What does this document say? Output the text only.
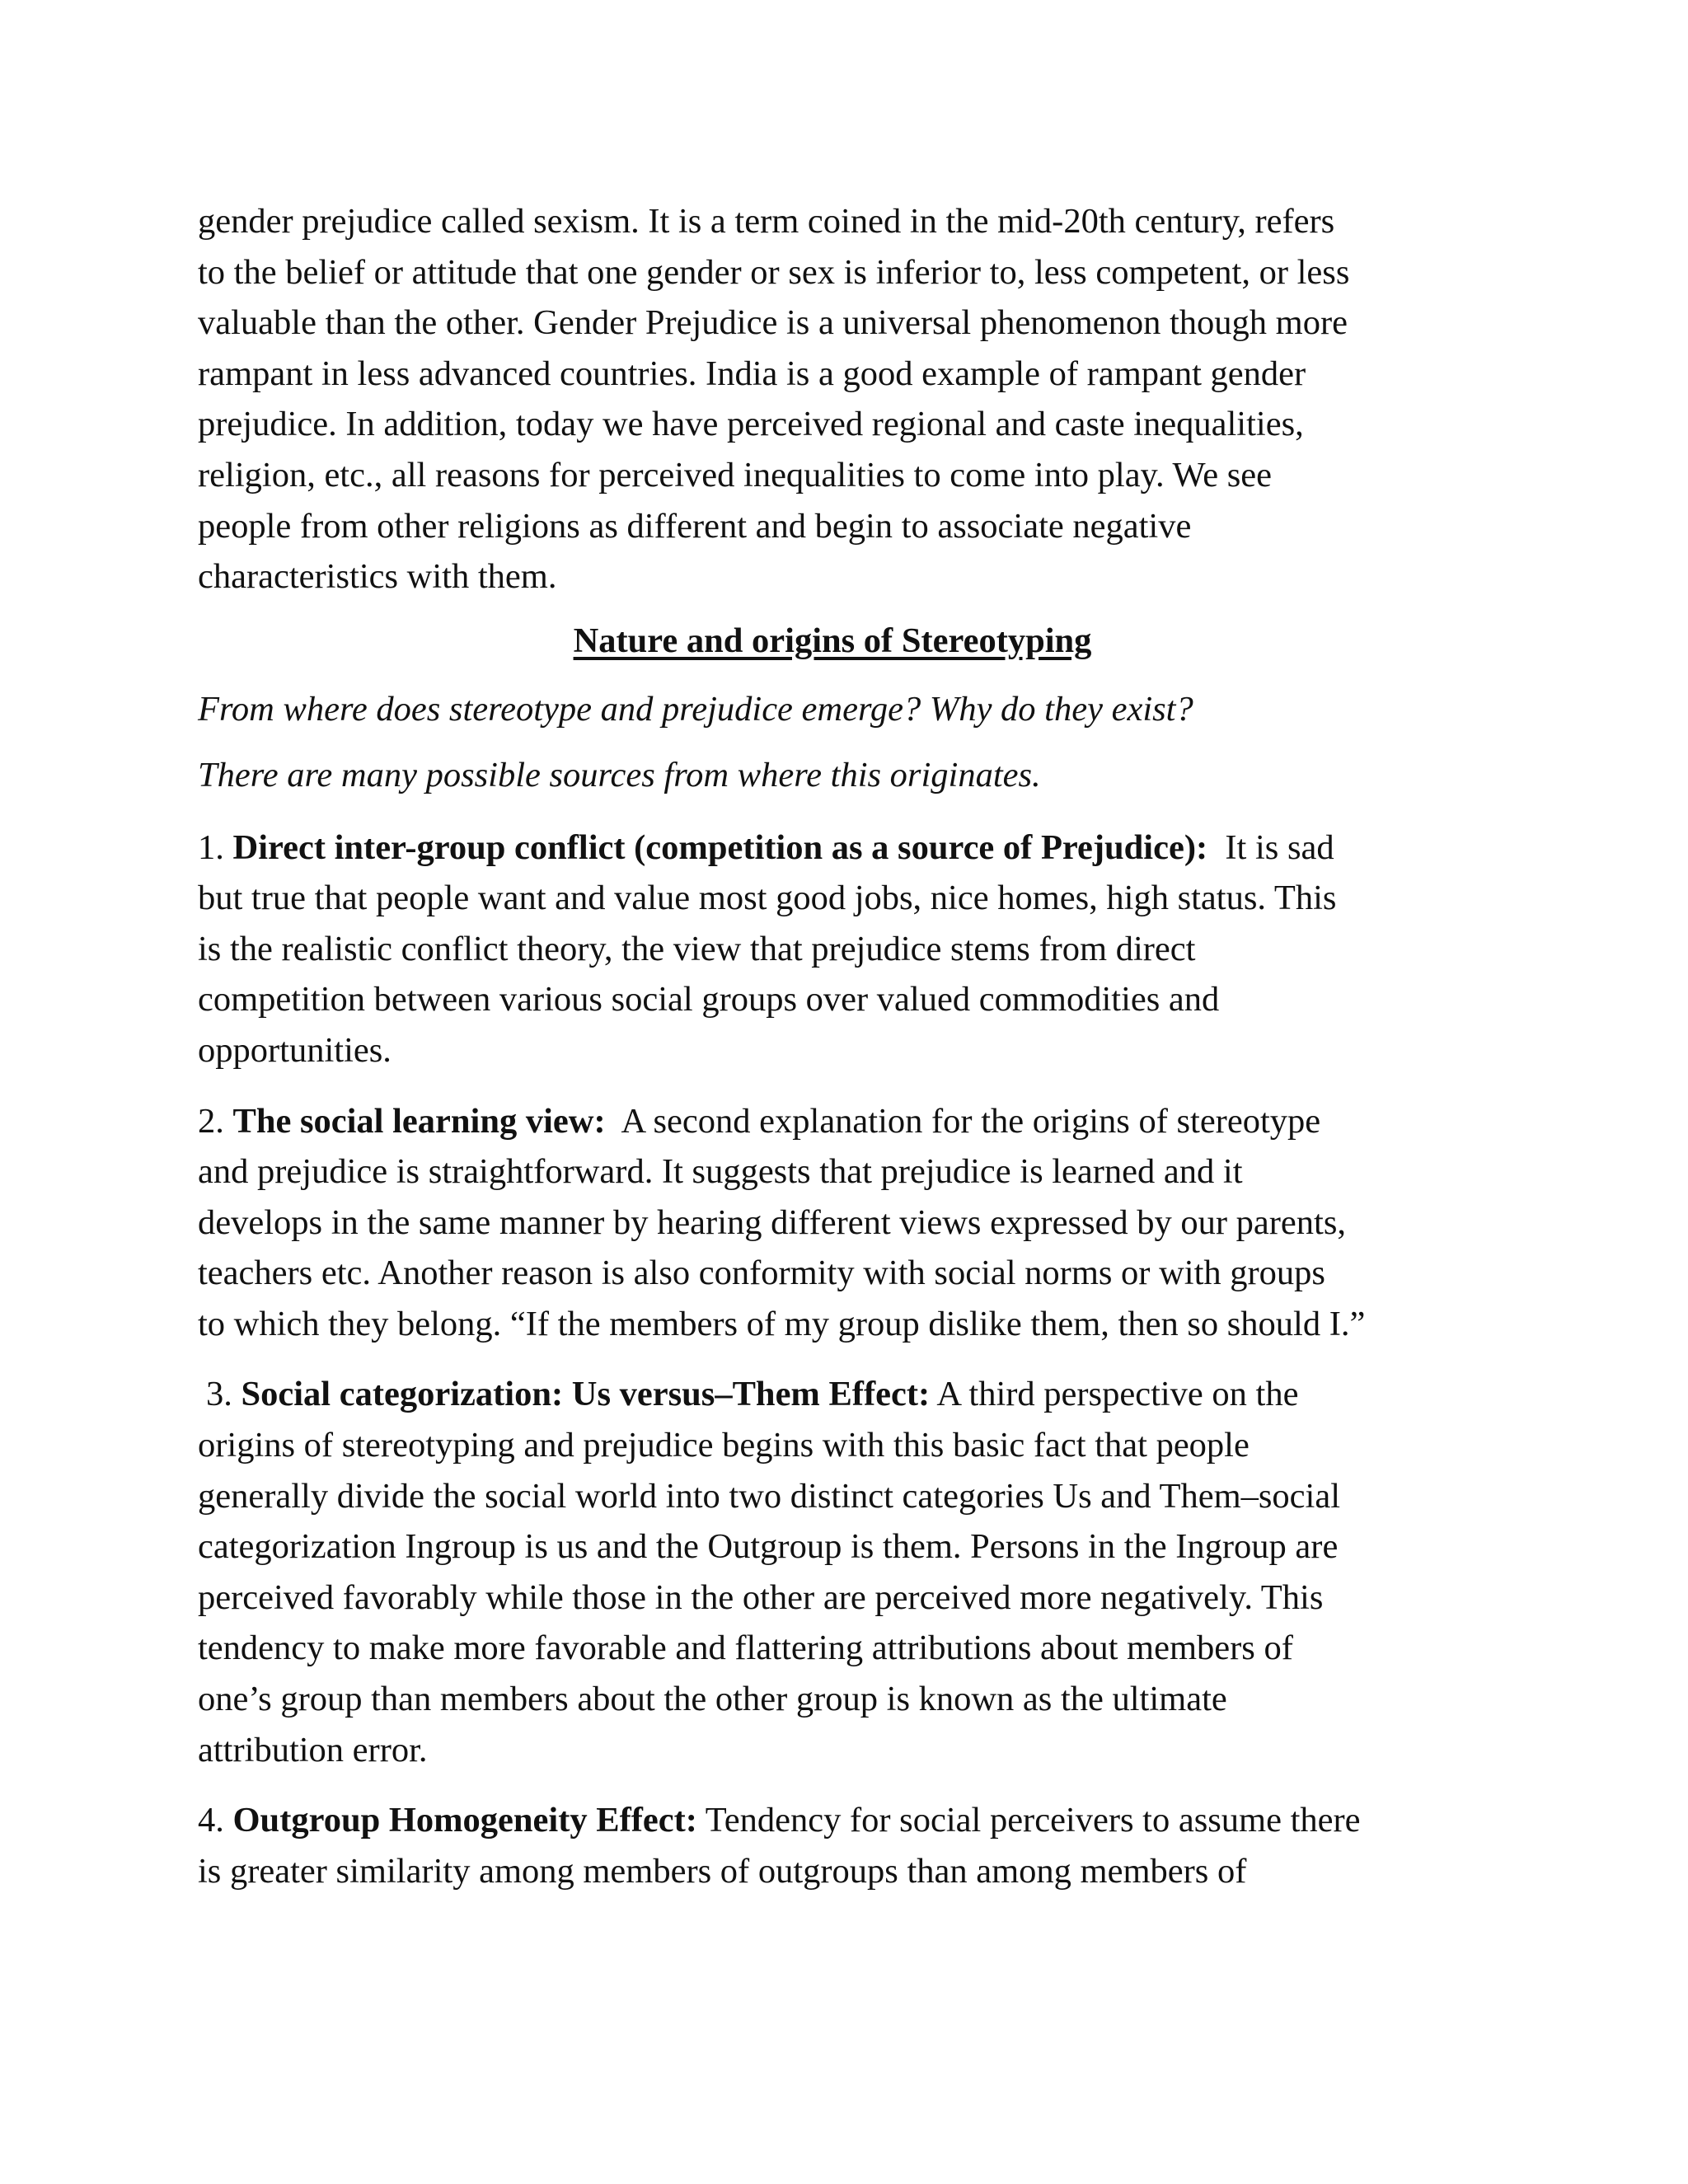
gender prejudice called sexism. It is a term coined in the mid-20th century, refers

to the belief or attitude that one gender or sex is inferior to, less competent, or less

valuable than the other. Gender Prejudice is a universal phenomenon though more

rampant in less advanced countries. India is a good example of rampant gender

prejudice. In addition, today we have perceived regional and caste inequalities,

religion, etc., all reasons for perceived inequalities to come into play. We see

people from other religions as different and begin to associate negative

characteristics with them.

Nature and origins of Stereotyping

From where does stereotype and prejudice emerge? Why do they exist?

There are many possible sources from where this originates.

1. Direct inter-group conflict (competition as a source of Prejudice):  It is sad

but true that people want and value most good jobs, nice homes, high status. This

is the realistic conflict theory, the view that prejudice stems from direct

competition between various social groups over valued commodities and

opportunities.

2. The social learning view:  A second explanation for the origins of stereotype

and prejudice is straightforward. It suggests that prejudice is learned and it

develops in the same manner by hearing different views expressed by our parents,

teachers etc. Another reason is also conformity with social norms or with groups

to which they belong. “If the members of my group dislike them, then so should I.”

3. Social categorization: Us versus–Them Effect: A third perspective on the

origins of stereotyping and prejudice begins with this basic fact that people

generally divide the social world into two distinct categories Us and Them–social

categorization Ingroup is us and the Outgroup is them. Persons in the Ingroup are

perceived favorably while those in the other are perceived more negatively. This

tendency to make more favorable and flattering attributions about members of

one’s group than members about the other group is known as the ultimate

attribution error.

4. Outgroup Homogeneity Effect: Tendency for social perceivers to assume there

is greater similarity among members of outgroups than among members of
